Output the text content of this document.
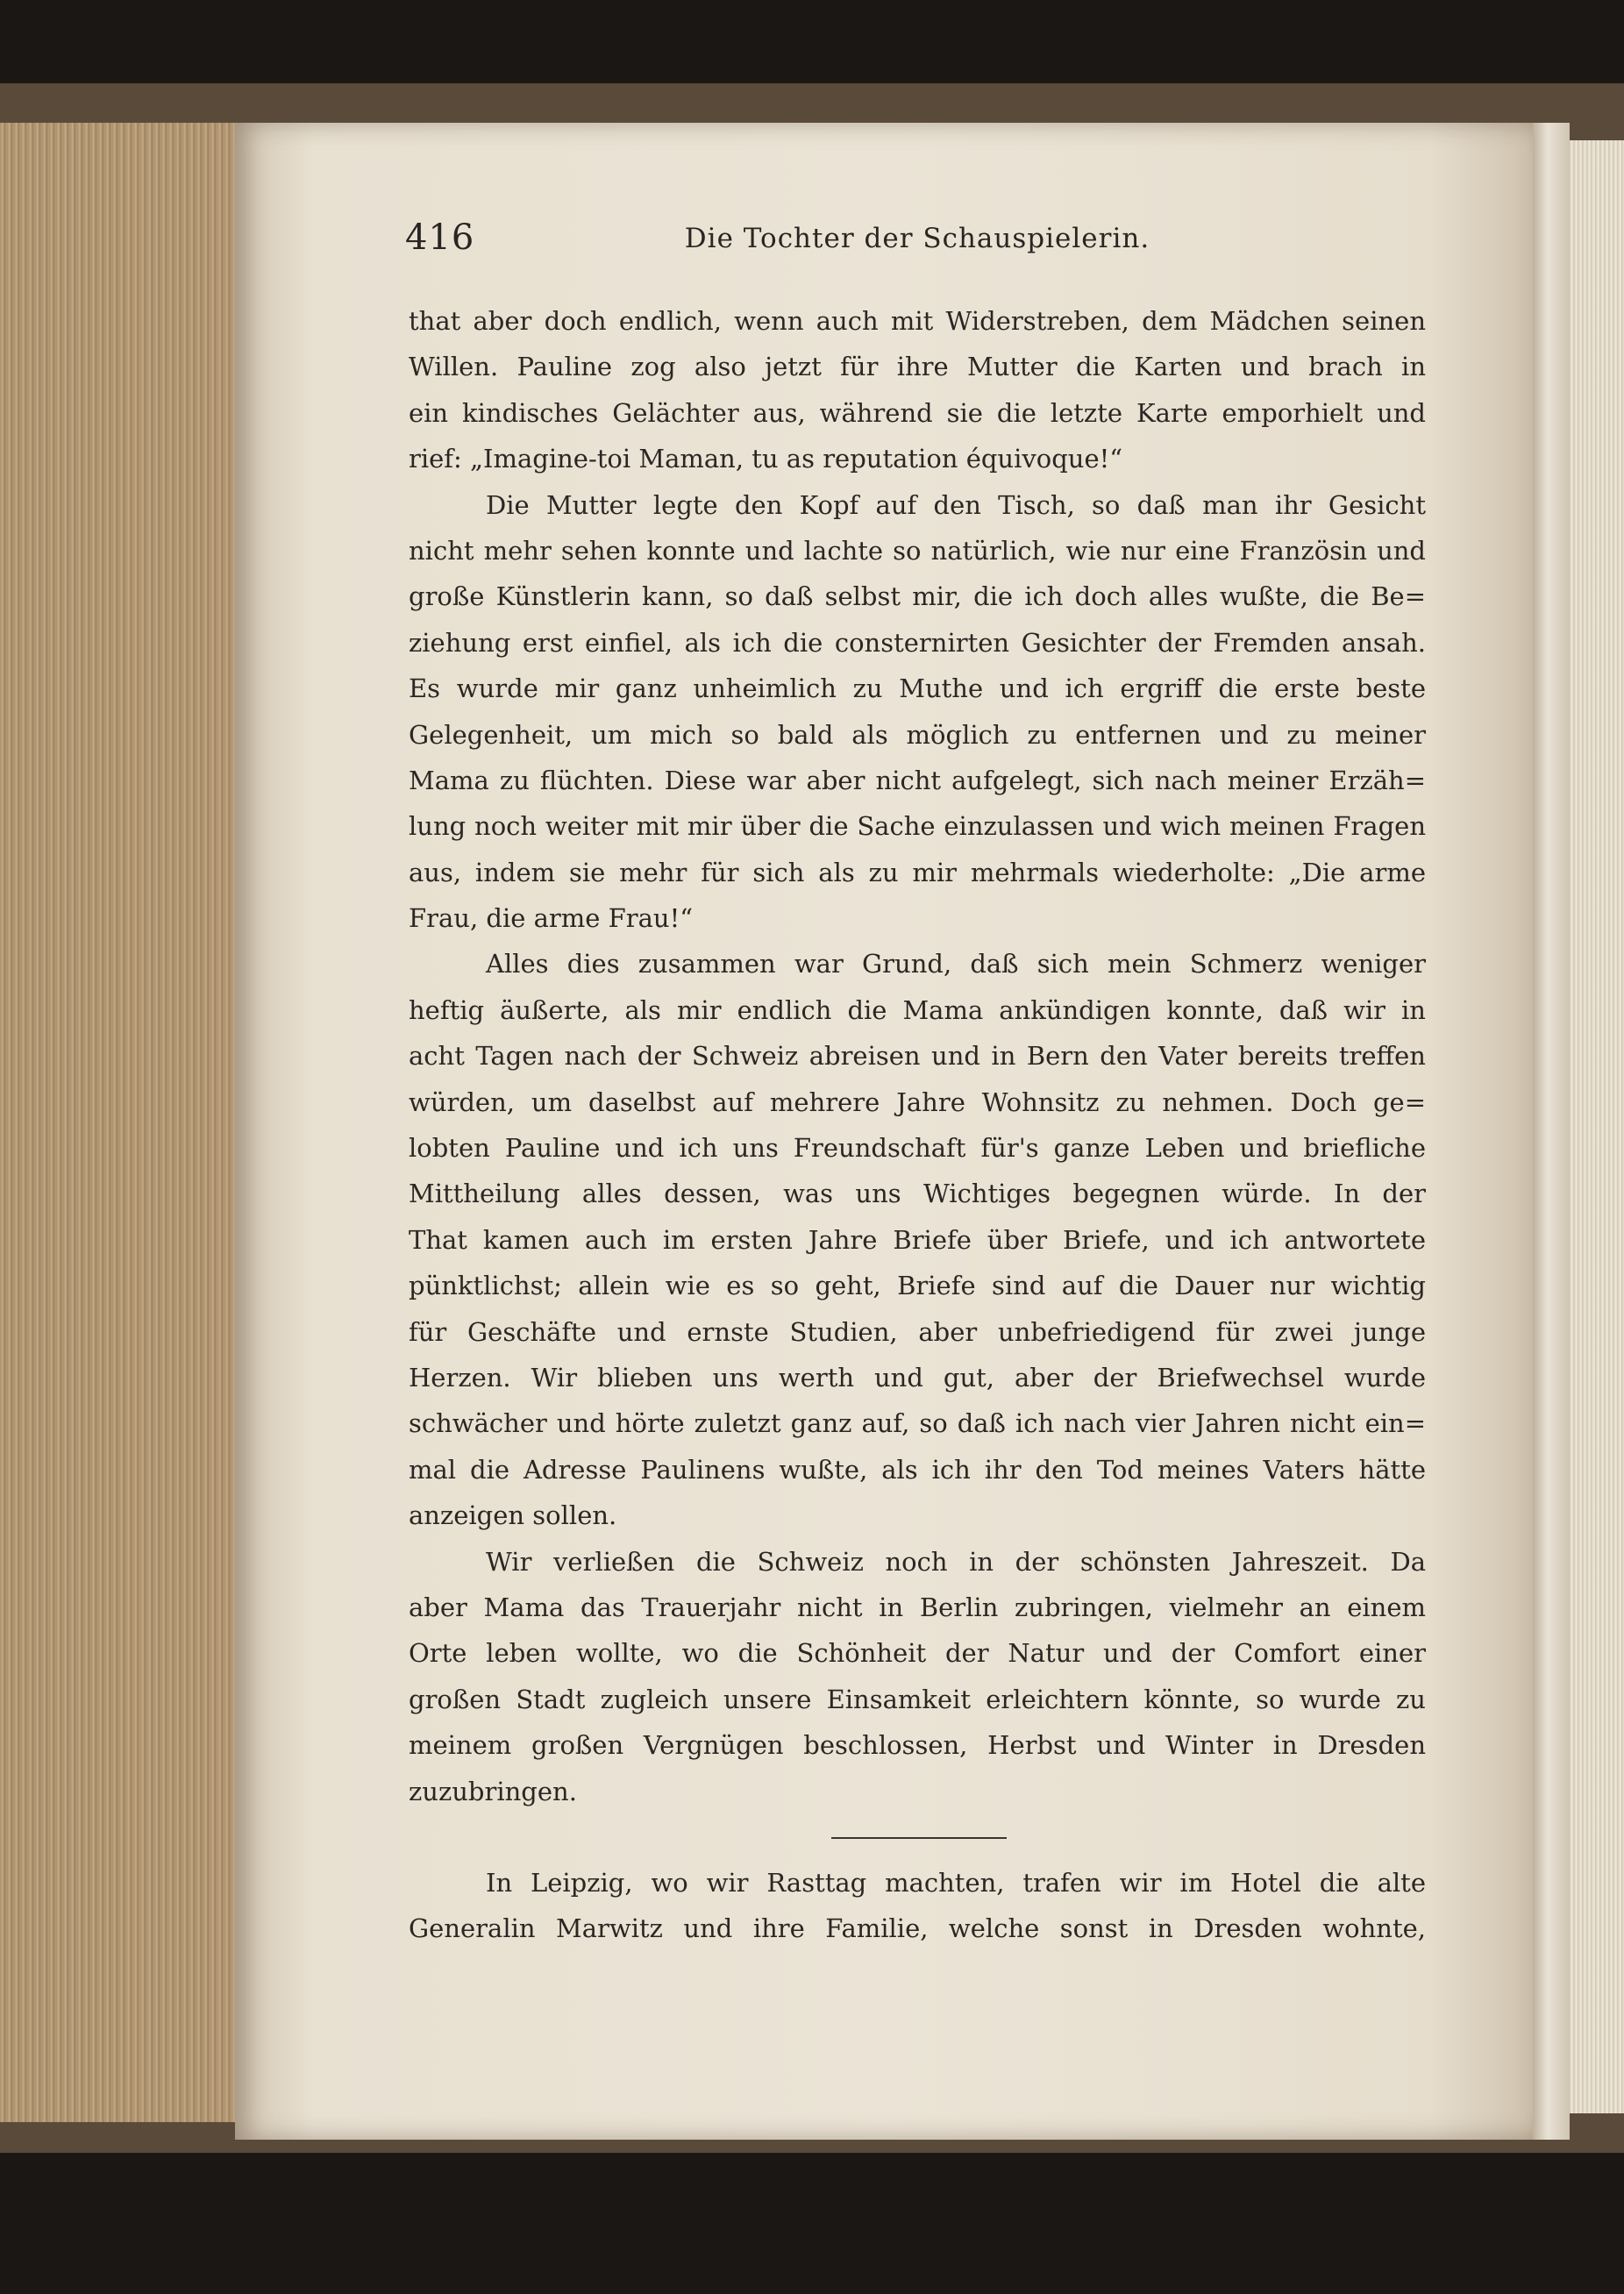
416	Die Tochter der Schauspielerin.
that aber doch endlich, wenn auch mit Widerstreben, dem Mädchen seinen
Willen. Pauline zog also jetzt für ihre Mutter die Karten und brach in
ein kindisches Gelächter aus, während sie die letzte Karte emporhielt und
rief: „Imagine-toi Maman, tu as reputation équivoque!“
Die Mutter legte den Kopf auf den Tisch, so daß man ihr Gesicht
nicht mehr sehen konnte und lachte so natürlich, wie nur eine Französin und
große Künstlerin kann, so daß selbst mir, die ich doch alles wußte, die Be=
ziehung erst einfiel, als ich die consternirten Gesichter der Fremden ansah.
Es wurde mir ganz unheimlich zu Muthe und ich ergriff die erste beste
Gelegenheit, um mich so bald als möglich zu entfernen und zu meiner
Mama zu flüchten. Diese war aber nicht aufgelegt, sich nach meiner Erzäh=
lung noch weiter mit mir über die Sache einzulassen und wich meinen Fragen
aus, indem sie mehr für sich als zu mir mehrmals wiederholte: „Die arme
Frau, die arme Frau!“
Alles dies zusammen war Grund, daß sich mein Schmerz weniger
heftig äußerte, als mir endlich die Mama ankündigen konnte, daß wir in
acht Tagen nach der Schweiz abreisen und in Bern den Vater bereits treffen
würden, um daselbst auf mehrere Jahre Wohnsitz zu nehmen. Doch ge=
lobten Pauline und ich uns Freundschaft für's ganze Leben und briefliche
Mittheilung alles dessen, was uns Wichtiges begegnen würde. In der
That kamen auch im ersten Jahre Briefe über Briefe, und ich antwortete
pünktlichst; allein wie es so geht, Briefe sind auf die Dauer nur wichtig
für Geschäfte und ernste Studien, aber unbefriedigend für zwei junge
Herzen. Wir blieben uns werth und gut, aber der Briefwechsel wurde
schwächer und hörte zuletzt ganz auf, so daß ich nach vier Jahren nicht ein=
mal die Adresse Paulinens wußte, als ich ihr den Tod meines Vaters hätte
anzeigen sollen.
Wir verließen die Schweiz noch in der schönsten Jahreszeit. Da
aber Mama das Trauerjahr nicht in Berlin zubringen, vielmehr an einem
Orte leben wollte, wo die Schönheit der Natur und der Comfort einer
großen Stadt zugleich unsere Einsamkeit erleichtern könnte, so wurde zu
meinem großen Vergnügen beschlossen, Herbst und Winter in Dresden
zuzubringen.
In Leipzig, wo wir Rasttag machten, trafen wir im Hotel die alte
Generalin Marwitz und ihre Familie, welche sonst in Dresden wohnte,
